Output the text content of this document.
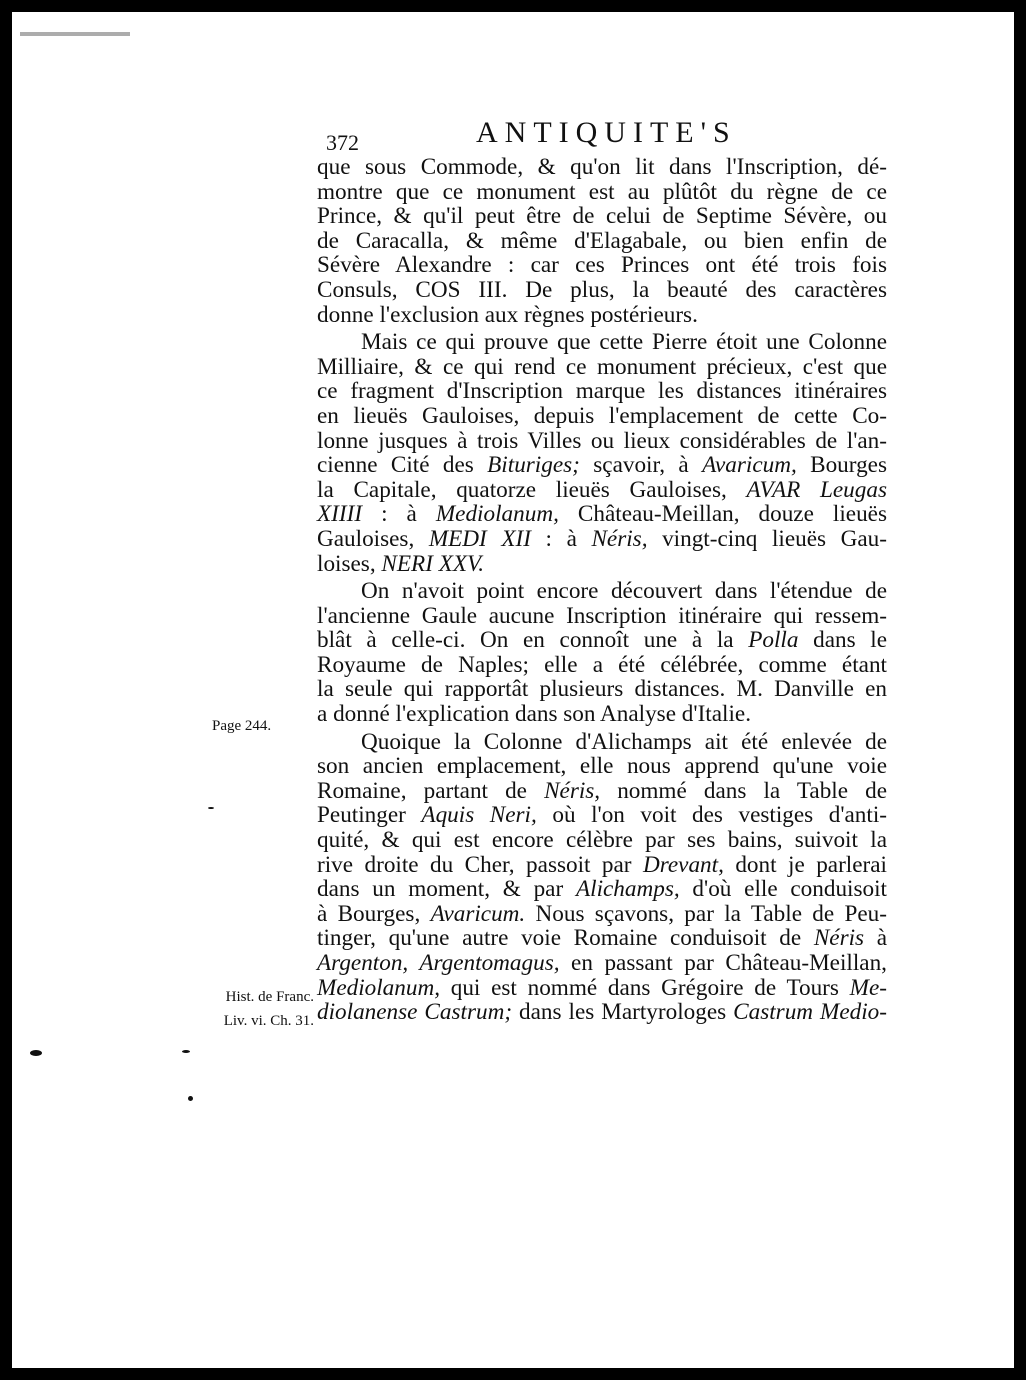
372	ANTIQUITE'S
Page 244.
Hist. de Franc.
Liv. vi. Ch. 31.
que sous Commode, & qu'on lit dans l'Inscription, dé-
montre que ce monument est au plûtôt du règne de ce
Prince, & qu'il peut être de celui de Septime Sévère, ou
de Caracalla, & même d'Elagabale, ou bien enfin de
Sévère Alexandre : car ces Princes ont été trois fois
Consuls, COS III. De plus, la beauté des caractères
donne l'exclusion aux règnes postérieurs.
Mais ce qui prouve que cette Pierre étoit une Colonne
Milliaire, & ce qui rend ce monument précieux, c'est que
ce fragment d'Inscription marque les distances itinéraires
en lieuës Gauloises, depuis l'emplacement de cette Co-
lonne jusques à trois Villes ou lieux considérables de l'an-
cienne Cité des Bituriges; sçavoir, à Avaricum, Bourges
la Capitale, quatorze lieuës Gauloises, AVAR Leugas
XIIII : à Mediolanum, Château-Meillan, douze lieuës
Gauloises, MEDI XII : à Néris, vingt-cinq lieuës Gau-
loises, NERI XXV.
On n'avoit point encore découvert dans l'étendue de
l'ancienne Gaule aucune Inscription itinéraire qui ressem-
blât à celle-ci. On en connoît une à la Polla dans le
Royaume de Naples; elle a été célébrée, comme étant
la seule qui rapportât plusieurs distances. M. Danville en
a donné l'explication dans son Analyse d'Italie.
Quoique la Colonne d'Alichamps ait été enlevée de
son ancien emplacement, elle nous apprend qu'une voie
Romaine, partant de Néris, nommé dans la Table de
Peutinger Aquis Neri, où l'on voit des vestiges d'anti-
quité, & qui est encore célèbre par ses bains, suivoit la
rive droite du Cher, passoit par Drevant, dont je parlerai
dans un moment, & par Alichamps, d'où elle conduisoit
à Bourges, Avaricum. Nous sçavons, par la Table de Peu-
tinger, qu'une autre voie Romaine conduisoit de Néris à
Argenton, Argentomagus, en passant par Château-Meillan,
Mediolanum, qui est nommé dans Grégoire de Tours Me-
diolanense Castrum; dans les Martyrologes Castrum Medio-
